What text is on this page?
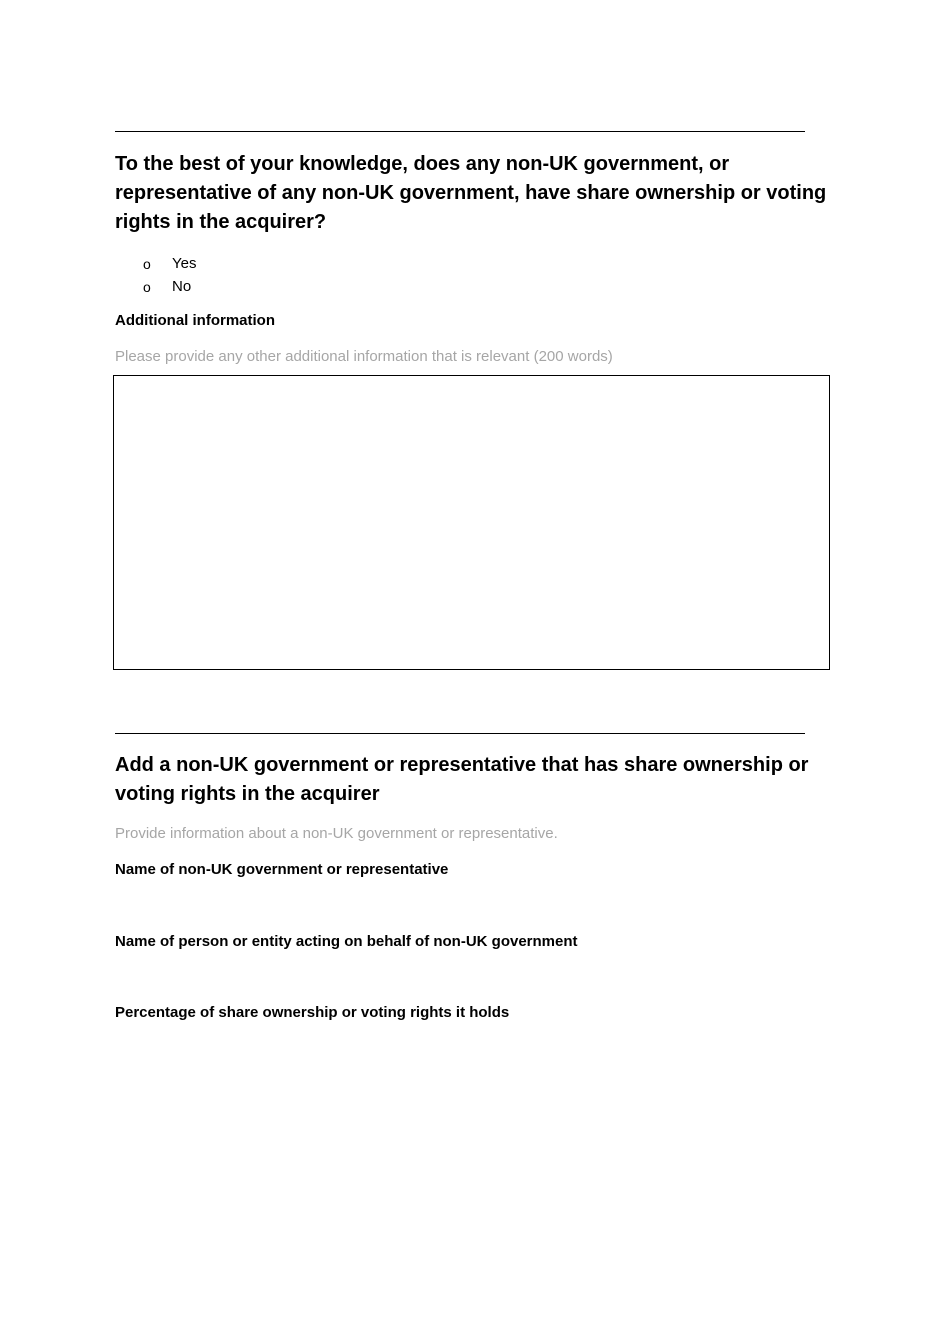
To the best of your knowledge, does any non-UK government, or representative of any non-UK government, have share ownership or voting rights in the acquirer?
o	Yes
o	No

Additional information

Please provide any other additional information that is relevant (200 words)

Add a non-UK government or representative that has share ownership or voting rights in the acquirer

Provide information about a non-UK government or representative.

Name of non-UK government or representative

Name of person or entity acting on behalf of non-UK government

Percentage of share ownership or voting rights it holds
